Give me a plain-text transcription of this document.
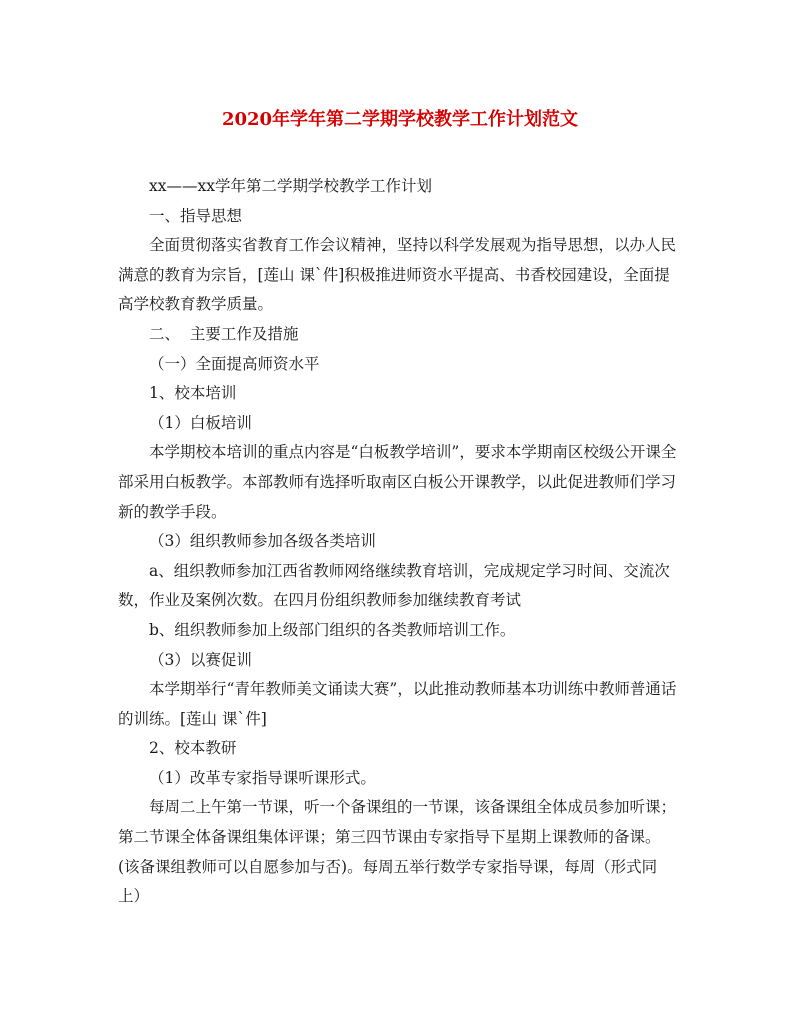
2020年学年第二学期学校教学工作计划范文

xx——xx学年第二学期学校教学工作计划

一、指导思想

全面贯彻落实省教育工作会议精神，坚持以科学发展观为指导思想，以办人民满意的教育为宗旨，[莲山 课`件]积极推进师资水平提高、书香校园建设，全面提高学校教育教学质量。

二、  主要工作及措施

（一）全面提高师资水平

1、校本培训

（1）白板培训

本学期校本培训的重点内容是“白板教学培训”，要求本学期南区校级公开课全部采用白板教学。本部教师有选择听取南区白板公开课教学，以此促进教师们学习新的教学手段。

（3）组织教师参加各级各类培训

a、组织教师参加江西省教师网络继续教育培训，完成规定学习时间、交流次数，作业及案例次数。在四月份组织教师参加继续教育考试

b、组织教师参加上级部门组织的各类教师培训工作。

（3）以赛促训

本学期举行“青年教师美文诵读大赛”，以此推动教师基本功训练中教师普通话的训练。[莲山 课`件]

2、校本教研

（1）改革专家指导课听课形式。

每周二上午第一节课，听一个备课组的一节课，该备课组全体成员参加听课；第二节课全体备课组集体评课；第三四节课由专家指导下星期上课教师的备课。(该备课组教师可以自愿参加与否)。每周五举行数学专家指导课，每周（形式同上）
